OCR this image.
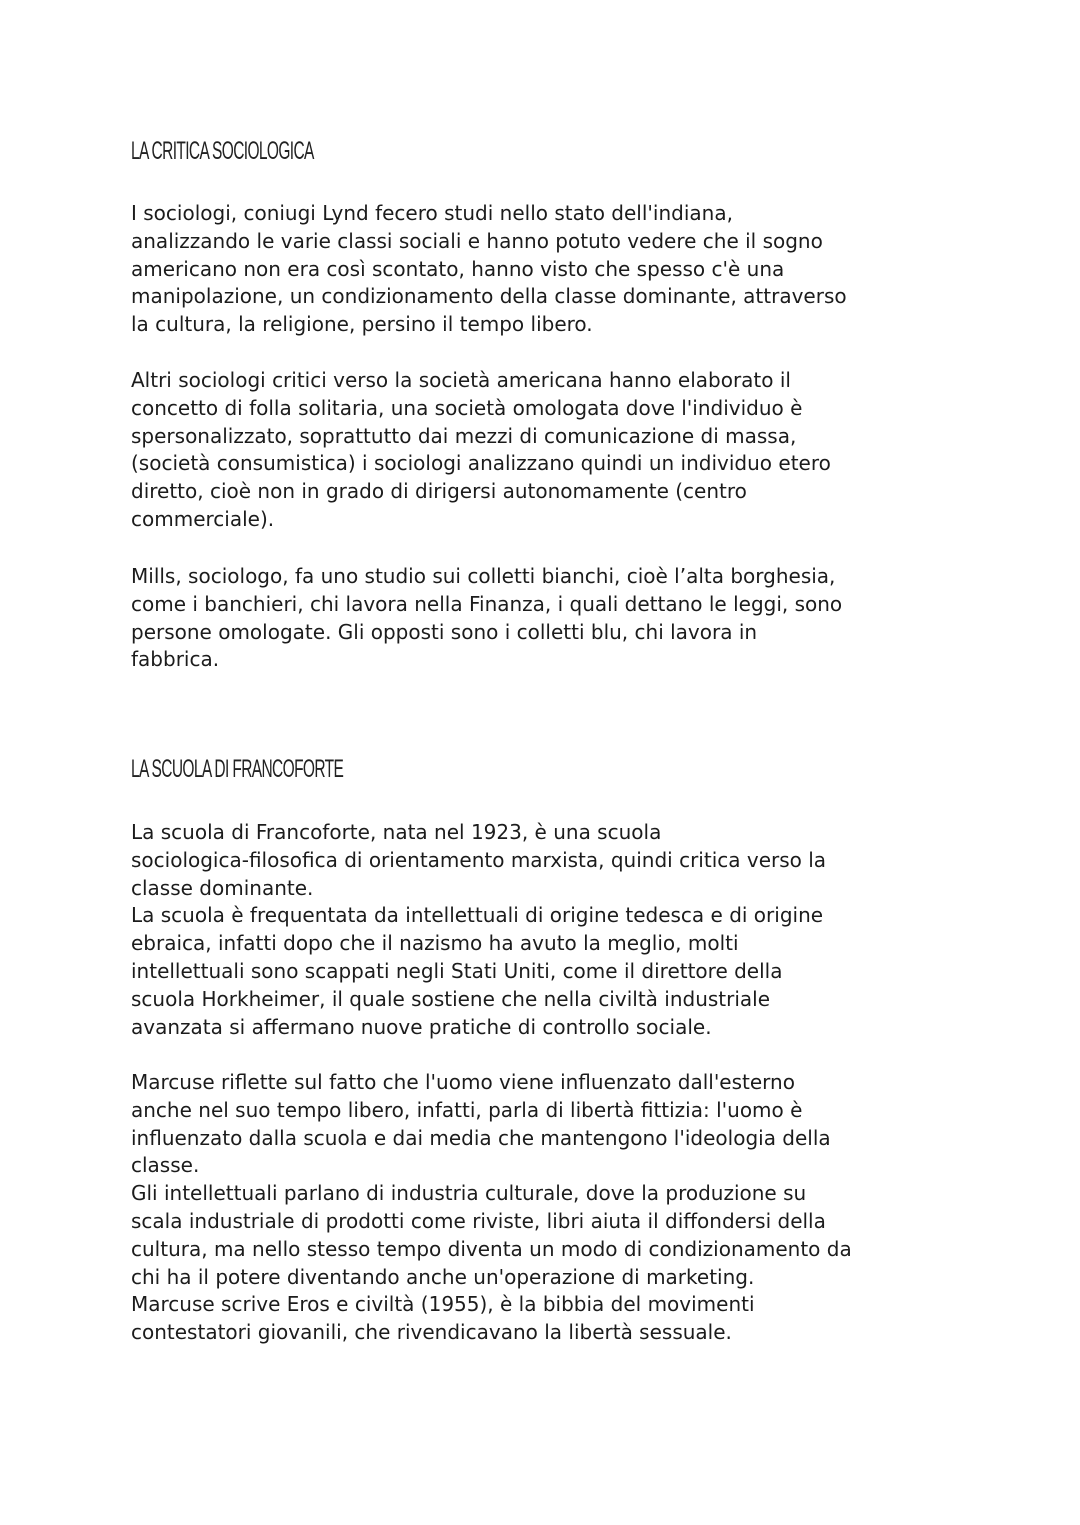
LA CRITICA SOCIOLOGICA
I sociologi, coniugi Lynd fecero studi nello stato dell'indiana,
analizzando le varie classi sociali e hanno potuto vedere che il sogno
americano non era così scontato, hanno visto che spesso c'è una
manipolazione, un condizionamento della classe dominante, attraverso
la cultura, la religione, persino il tempo libero.
Altri sociologi critici verso la società americana hanno elaborato il
concetto di folla solitaria, una società omologata dove l'individuo è
spersonalizzato, soprattutto dai mezzi di comunicazione di massa,
(società consumistica) i sociologi analizzano quindi un individuo etero
diretto, cioè non in grado di dirigersi autonomamente (centro
commerciale).
Mills, sociologo, fa uno studio sui colletti bianchi, cioè l’alta borghesia,
come i banchieri, chi lavora nella Finanza, i quali dettano le leggi, sono
persone omologate. Gli opposti sono i colletti blu, chi lavora in
fabbrica.
LA SCUOLA DI FRANCOFORTE
La scuola di Francoforte, nata nel 1923, è una scuola
sociologica-filosofica di orientamento marxista, quindi critica verso la
classe dominante.
La scuola è frequentata da intellettuali di origine tedesca e di origine
ebraica, infatti dopo che il nazismo ha avuto la meglio, molti
intellettuali sono scappati negli Stati Uniti, come il direttore della
scuola Horkheimer, il quale sostiene che nella civiltà industriale
avanzata si affermano nuove pratiche di controllo sociale.
Marcuse riflette sul fatto che l'uomo viene influenzato dall'esterno
anche nel suo tempo libero, infatti, parla di libertà fittizia: l'uomo è
influenzato dalla scuola e dai media che mantengono l'ideologia della
classe.
Gli intellettuali parlano di industria culturale, dove la produzione su
scala industriale di prodotti come riviste, libri aiuta il diffondersi della
cultura, ma nello stesso tempo diventa un modo di condizionamento da
chi ha il potere diventando anche un'operazione di marketing.
Marcuse scrive Eros e civiltà (1955), è la bibbia del movimenti
contestatori giovanili, che rivendicavano la libertà sessuale.
